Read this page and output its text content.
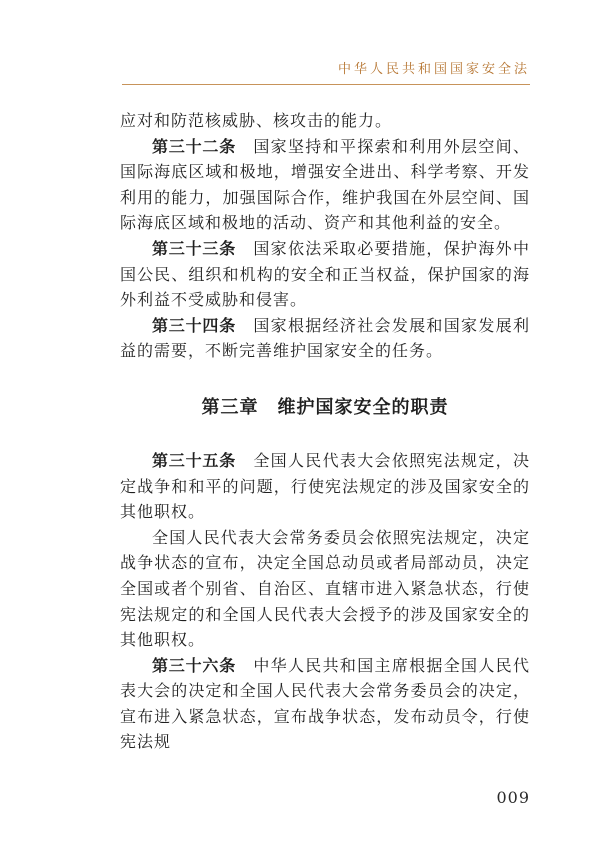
中华人民共和国国家安全法

应对和防范核威胁、核攻击的能力。

第三十二条　 国家坚持和平探索和利用外层空间、国际海底区域和极地，增强安全进出、科学考察、开发利用的能力，加强国际合作，维护我国在外层空间、国际海底区域和极地的活动、资产和其他利益的安全。

第三十三条　 国家依法采取必要措施，保护海外中国公民、组织和机构的安全和正当权益，保护国家的海外利益不受威胁和侵害。

第三十四条　 国家根据经济社会发展和国家发展利益的需要，不断完善维护国家安全的任务。

第三章　维护国家安全的职责

第三十五条　 全国人民代表大会依照宪法规定，决定战争和和平的问题，行使宪法规定的涉及国家安全的其他职权。

全国人民代表大会常务委员会依照宪法规定，决定战争状态的宣布，决定全国总动员或者局部动员，决定全国或者个别省、自治区、直辖市进入紧急状态，行使宪法规定的和全国人民代表大会授予的涉及国家安全的其他职权。

第三十六条　 中华人民共和国主席根据全国人民代表大会的决定和全国人民代表大会常务委员会的决定，宣布进入紧急状态，宣布战争状态，发布动员令，行使宪法规

009
